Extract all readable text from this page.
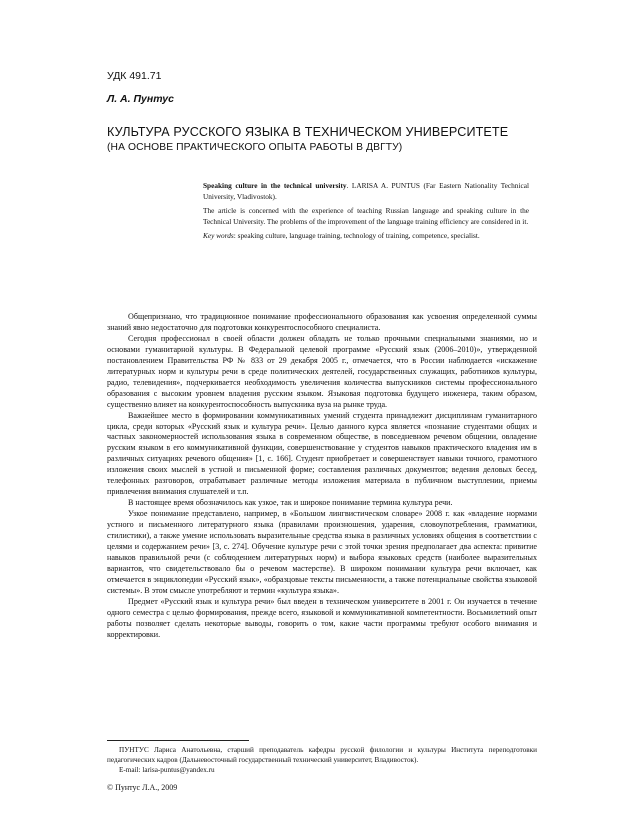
УДК 491.71
Л. А. Пунтус
КУЛЬТУРА РУССКОГО ЯЗЫКА В ТЕХНИЧЕСКОМ УНИВЕРСИТЕТЕ
(НА ОСНОВЕ ПРАКТИЧЕСКОГО ОПЫТА РАБОТЫ В ДВГТУ)

Speaking culture in the technical university. LARISA A. PUNTUS (Far Eastern Nationality Technical University, Vladivostok).

The article is concerned with the experience of teaching Russian language and speaking culture in the Technical University. The problems of the improvement of the language training efficiency are considered in it.

Key words: speaking culture, language training, technology of training, competence, specialist.

Общепризнано, что традиционное понимание профессионального образования как усвоения определенной суммы знаний явно недостаточно для подготовки конкурентоспособного специалиста.

Сегодня профессионал в своей области должен обладать не только прочными специальными знаниями, но и основами гуманитарной культуры. В Федеральной целевой программе «Русский язык (2006–2010)», утвержденной постановлением Правительства РФ № 833 от 29 декабря 2005 г., отмечается, что в России наблюдается «искажение литературных норм и культуры речи в среде политических деятелей, государственных служащих, работников культуры, радио, телевидения», подчеркивается необходимость увеличения количества выпускников системы профессионального образования с высоким уровнем владения русским языком. Языковая подготовка будущего инженера, таким образом, существенно влияет на конкурентоспособность выпускника вуза на рынке труда.

Важнейшее место в формировании коммуникативных умений студента принадлежит дисциплинам гуманитарного цикла, среди которых «Русский язык и культура речи». Целью данного курса является «познание студентами общих и частных закономерностей использования языка в современном обществе, в повседневном речевом общении, овладение русским языком в его коммуникативной функции, совершенствование у студентов навыков практического владения им в различных ситуациях речевого общения» [1, с. 166]. Студент приобретает и совершенствует навыки точного, грамотного изложения своих мыслей в устной и письменной форме; составления различных документов; ведения деловых бесед, телефонных разговоров, отрабатывает различные методы изложения материала в публичном выступлении, приемы привлечения внимания слушателей и т.п.

В настоящее время обозначилось как узкое, так и широкое понимание термина культура речи.

Узкое понимание представлено, например, в «Большом лингвистическом словаре» 2008 г. как «владение нормами устного и письменного литературного языка (правилами произношения, ударения, словоупотребления, грамматики, стилистики), а также умение использовать выразительные средства языка в различных условиях общения в соответствии с целями и содержанием речи» [3, с. 274]. Обучение культуре речи с этой точки зрения предполагает два аспекта: привитие навыков правильной речи (с соблюдением литературных норм) и выбора языковых средств (наиболее выразительных вариантов, что свидетельствовало бы о речевом мастерстве). В широком понимании культура речи включает, как отмечается в энциклопедии «Русский язык», «образцовые тексты письменности, а также потенциальные свойства языковой системы». В этом смысле употребляют и термин «культура языка».

Предмет «Русский язык и культура речи» был введен в техническом университете в 2001 г. Он изучается в течение одного семестра с целью формирования, прежде всего, языковой и коммуникативной компетентности. Восьмилетний опыт работы позволяет сделать некоторые выводы, говорить о том, какие части программы требуют особого внимания и корректировки.

ПУНТУС Лариса Анатольевна, старший преподаватель кафедры русской филологии и культуры Института переподготовки педагогических кадров (Дальневосточный государственный технический университет, Владивосток).

E-mail: larisa-puntus@yandex.ru
© Пунтус Л.А., 2009
